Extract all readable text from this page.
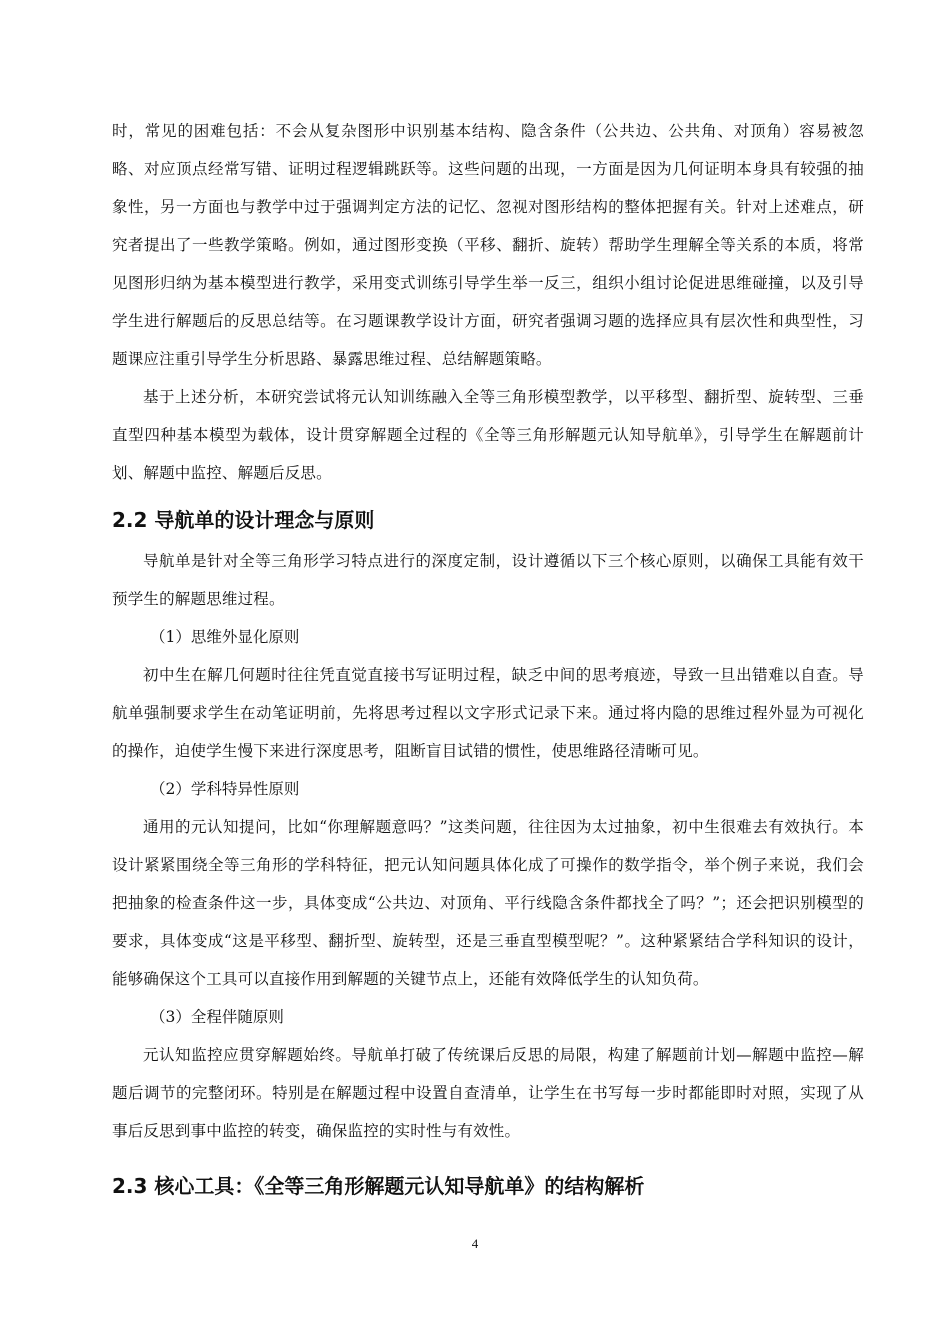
时，常见的困难包括：不会从复杂图形中识别基本结构、隐含条件（公共边、公共角、对顶角）容易被忽略、对应顶点经常写错、证明过程逻辑跳跃等。这些问题的出现，一方面是因为几何证明本身具有较强的抽象性，另一方面也与教学中过于强调判定方法的记忆、忽视对图形结构的整体把握有关。针对上述难点，研究者提出了一些教学策略。例如，通过图形变换（平移、翻折、旋转）帮助学生理解全等关系的本质，将常见图形归纳为基本模型进行教学，采用变式训练引导学生举一反三，组织小组讨论促进思维碰撞，以及引导学生进行解题后的反思总结等。在习题课教学设计方面，研究者强调习题的选择应具有层次性和典型性，习题课应注重引导学生分析思路、暴露思维过程、总结解题策略。

基于上述分析，本研究尝试将元认知训练融入全等三角形模型教学，以平移型、翻折型、旋转型、三垂直型四种基本模型为载体，设计贯穿解题全过程的《全等三角形解题元认知导航单》，引导学生在解题前计划、解题中监控、解题后反思。

2.2 导航单的设计理念与原则

导航单是针对全等三角形学习特点进行的深度定制，设计遵循以下三个核心原则，以确保工具能有效干预学生的解题思维过程。

（1）思维外显化原则

初中生在解几何题时往往凭直觉直接书写证明过程，缺乏中间的思考痕迹，导致一旦出错难以自查。导航单强制要求学生在动笔证明前，先将思考过程以文字形式记录下来。通过将内隐的思维过程外显为可视化的操作，迫使学生慢下来进行深度思考，阻断盲目试错的惯性，使思维路径清晰可见。

（2）学科特异性原则

通用的元认知提问，比如“你理解题意吗？”这类问题，往往因为太过抽象，初中生很难去有效执行。本设计紧紧围绕全等三角形的学科特征，把元认知问题具体化成了可操作的数学指令，举个例子来说，我们会把抽象的检查条件这一步，具体变成“公共边、对顶角、平行线隐含条件都找全了吗？”；还会把识别模型的要求，具体变成“这是平移型、翻折型、旋转型，还是三垂直型模型呢？”。这种紧紧结合学科知识的设计，能够确保这个工具可以直接作用到解题的关键节点上，还能有效降低学生的认知负荷。

（3）全程伴随原则

元认知监控应贯穿解题始终。导航单打破了传统课后反思的局限，构建了解题前计划—解题中监控—解题后调节的完整闭环。特别是在解题过程中设置自查清单，让学生在书写每一步时都能即时对照，实现了从事后反思到事中监控的转变，确保监控的实时性与有效性。

2.3 核心工具：《全等三角形解题元认知导航单》的结构解析
4
